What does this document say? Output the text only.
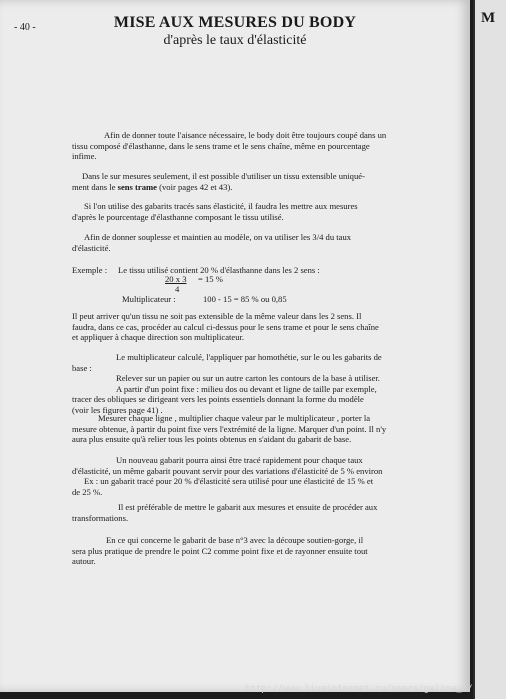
- 40 -	MISE AUX MESURES DU BODY
d'après le taux d'élasticité
Afin de donner toute l'aisance nécessaire, le body doit être toujours coupé dans un
tissu composé d'élasthanne, dans le sens trame et le sens chaîne, même en pourcentage
infime.
Dans le sur mesures seulement, il est possible d'utiliser un tissu extensible uniqué-
ment dans le sens trame (voir pages 42 et 43).
Si l'on utilise des gabarits tracés sans élasticité, il faudra les mettre aux mesures
d'après le pourcentage d'élasthanne composant le tissu utilisé.
Afin de donner souplesse et maintien au modèle, on va utiliser les 3/4 du taux
d'élasticité.
Exemple : Le tissu utilisé contient 20 % d'élasthanne dans les 2 sens :
20 x 3 = 15 %
4
Multiplicateur :	100 - 15 = 85 % ou 0,85
Il peut arriver qu'un tissu ne soit pas extensible de la même valeur dans les 2 sens. Il
faudra, dans ce cas, procéder au calcul ci-dessus pour le sens trame et pour le sens chaîne
et appliquer à chaque direction son multiplicateur.
Le multiplicateur calculé, l'appliquer par homothétie, sur le ou les gabarits de
base :
Relever sur un papier ou sur un autre carton les contours de la base à utiliser.
A partir d'un point fixe : milieu dos ou devant et ligne de taille par exemple,
tracer des obliques se dirigeant vers les points essentiels donnant la forme du modèle
(voir les figures page 41) .
Mesurer chaque ligne , multiplier chaque valeur par le multiplicateur , porter la
mesure obtenue, à partir du point fixe vers l'extrémité de la ligne. Marquer d'un point. Il n'y
aura plus ensuite qu'à relier tous les points obtenus en s'aidant du gabarit de base.
Un nouveau gabarit pourra ainsi être tracé rapidement pour chaque taux
d'élasticité, un même gabarit pouvant servir pour des variations d'élasticité de 5 % environ
Ex : un gabarit tracé pour 20 % d'élasticité sera utilisé pour une élasticité de 15 % et
de 25 %.
Il est préférable de mettre le gabarit aux mesures et ensuite de procéder aux
transformations.
En ce qui concerne le gabarit de base n°3 avec la découpe soutien-gorge, il
sera plus pratique de prendre le point C2 comme point fixe et de rayonner ensuite tout
autour.
M
http://www.liveinternet.ru/users/galina_o/
